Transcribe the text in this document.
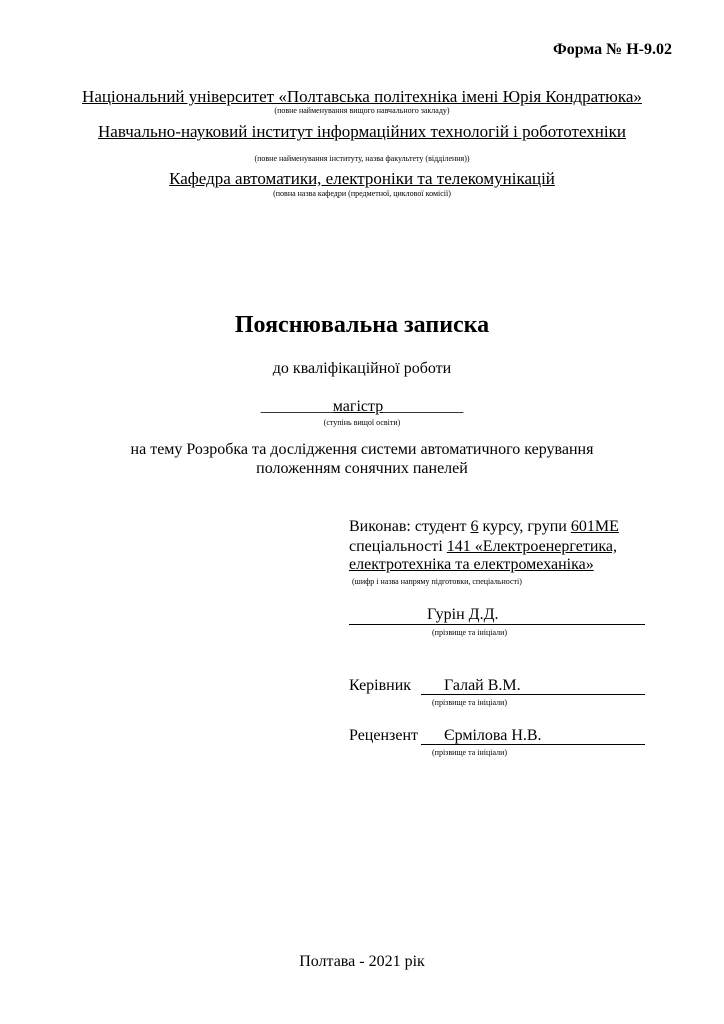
Форма № Н-9.02
Національний університет «Полтавська політехніка імені Юрія Кондратюка»
(повне найменування вищого навчального закладу)
Навчально-науковий інститут інформаційних технологій і робототехніки
(повне найменування інституту, назва факультету (відділення))
Кафедра автоматики, електроніки та телекомунікацій
(повна назва кафедри (предметної, циклової комісії)
Пояснювальна записка
до кваліфікаційної роботи
_________магістр__________
(ступінь вищої освіти)
на тему Розробка та дослідження системи автоматичного керування
положенням сонячних панелей
Виконав: студент 6 курсу, групи 601МЕ
спеціальності 141 «Електроенергетика,
електротехніка та електромеханіка»
(шифр і назва напряму підготовки, спеціальності)
Гурін Д.Д.
(прізвище та ініціали)
Керівник Галай В.М.
(прізвище та ініціали)
Рецензент Єрмілова Н.В.
(прізвище та ініціали)
Полтава - 2021 рік
